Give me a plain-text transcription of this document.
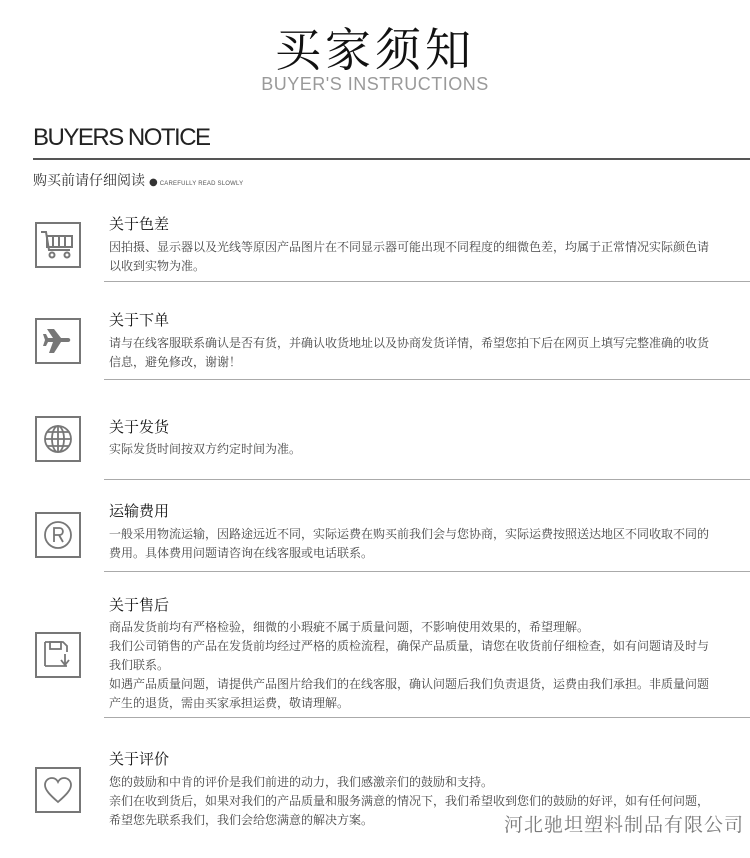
买家须知
BUYER'S INSTRUCTIONS
BUYERS NOTICE
购买前请仔细阅读 ● CAREFULLY READ SLOWLY
关于色差

因拍摄、显示器以及光线等原因产品图片在不同显示器可能出现不同程度的细微色差，均属于正常情况实际颜色请以收到实物为准。

关于下单

请与在线客服联系确认是否有货，并确认收货地址以及协商发货详情，希望您拍下后在网页上填写完整准确的收货信息，避免修改，谢谢！

关于发货

实际发货时间按双方约定时间为准。

运输费用

一般采用物流运输，因路途远近不同，实际运费在购买前我们会与您协商，实际运费按照送达地区不同收取不同的费用。具体费用问题请咨询在线客服或电话联系。

关于售后

商品发货前均有严格检验，细微的小瑕疵不属于质量问题，不影响使用效果的，希望理解。

我们公司销售的产品在发货前均经过严格的质检流程，确保产品质量，请您在收货前仔细检查，如有问题请及时与我们联系。

如遇产品质量问题，请提供产品图片给我们的在线客服，确认问题后我们负责退货，运费由我们承担。非质量问题产生的退货，需由买家承担运费，敬请理解。

关于评价

您的鼓励和中肯的评价是我们前进的动力，我们感激亲们的鼓励和支持。

亲们在收到货后，如果对我们的产品质量和服务满意的情况下，我们希望收到您们的鼓励的好评，如有任何问题，希望您先联系我们，我们会给您满意的解决方案。	河北驰坦塑料制品有限公司
